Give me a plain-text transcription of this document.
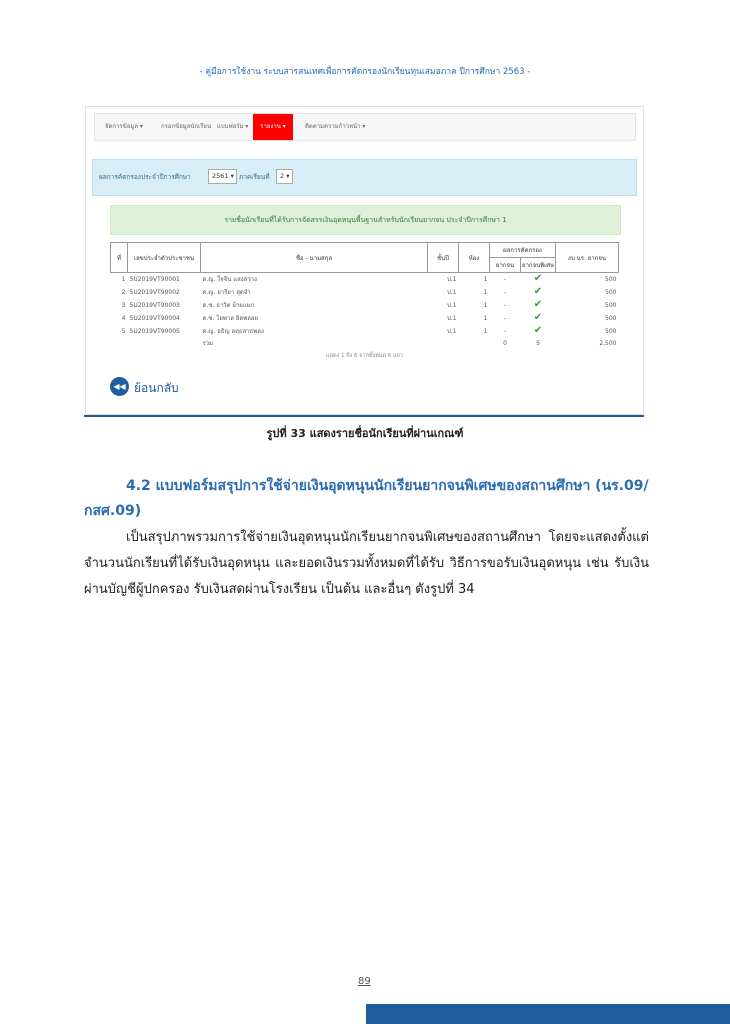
- คู่มือการใช้งาน ระบบสารสนเทศเพื่อการคัดกรองนักเรียนทุนเสมอภาค ปีการศึกษา 2563 -
จัดการข้อมูล ▾	กรอกข้อมูลนักเรียน แบบฟอร์ม ▾	รายงาน ▾	ติดตามความก้าวหน้า ▾
ผลการคัดกรองประจำปีการศึกษา	2561 ▾ ภาคเรียนที่	2 ▾
รายชื่อนักเรียนที่ได้รับการจัดสรรเงินอุดหนุนพื้นฐานสำหรับนักเรียนยากจน ประจำปีการศึกษา 1
ที่	เลขประจำตัวประชาชน	ชื่อ - นามสกุล	ชั้นปี	ห้อง	ผลการคัดกรอง		งบ นร. ยากจน
					ยากจน	ยากจนพิเศษ	
1	5U2019VT90001	ด.ญ. ใจจีน แสงสว่าง	ป.1	1	-	✔	500
2	5U2019VT90002	ด.ญ. อารียา สุดจำ	ป.1	1	-	✔	500
3	5U2019VT90003	ด.ช. ธาวิต ย้ายแมก	ป.1	1	-	✔	500
4	5U2019VT90004	ด.ช. โยพาล ยิดพลอย	ป.1	1	-	✔	500
5	5U2019VT90005	ด.ญ. อธิญ ลฤธสาธพลง	ป.1	1	-	✔	500
		รวม			0	5	2,500
แสดง 1 ถึง 6 จากทั้งหมด 6 แถว
◀◀ ย้อนกลับ
รูปที่ 33 แสดงรายชื่อนักเรียนที่ผ่านเกณฑ์
4.2 แบบฟอร์มสรุปการใช้จ่ายเงินอุดหนุนนักเรียนยากจนพิเศษของสถานศึกษา (นร.09/กสศ.09)
เป็นสรุปภาพรวมการใช้จ่ายเงินอุดหนุนนักเรียนยากจนพิเศษของสถานศึกษา โดยจะแสดงตั้งแต่จำนวนนักเรียนที่ได้รับเงินอุดหนุน และยอดเงินรวมทั้งหมดที่ได้รับ วิธีการขอรับเงินอุดหนุน เช่น รับเงินผ่านบัญชีผู้ปกครอง รับเงินสดผ่านโรงเรียน เป็นต้น และอื่นๆ ดังรูปที่ 34
89
